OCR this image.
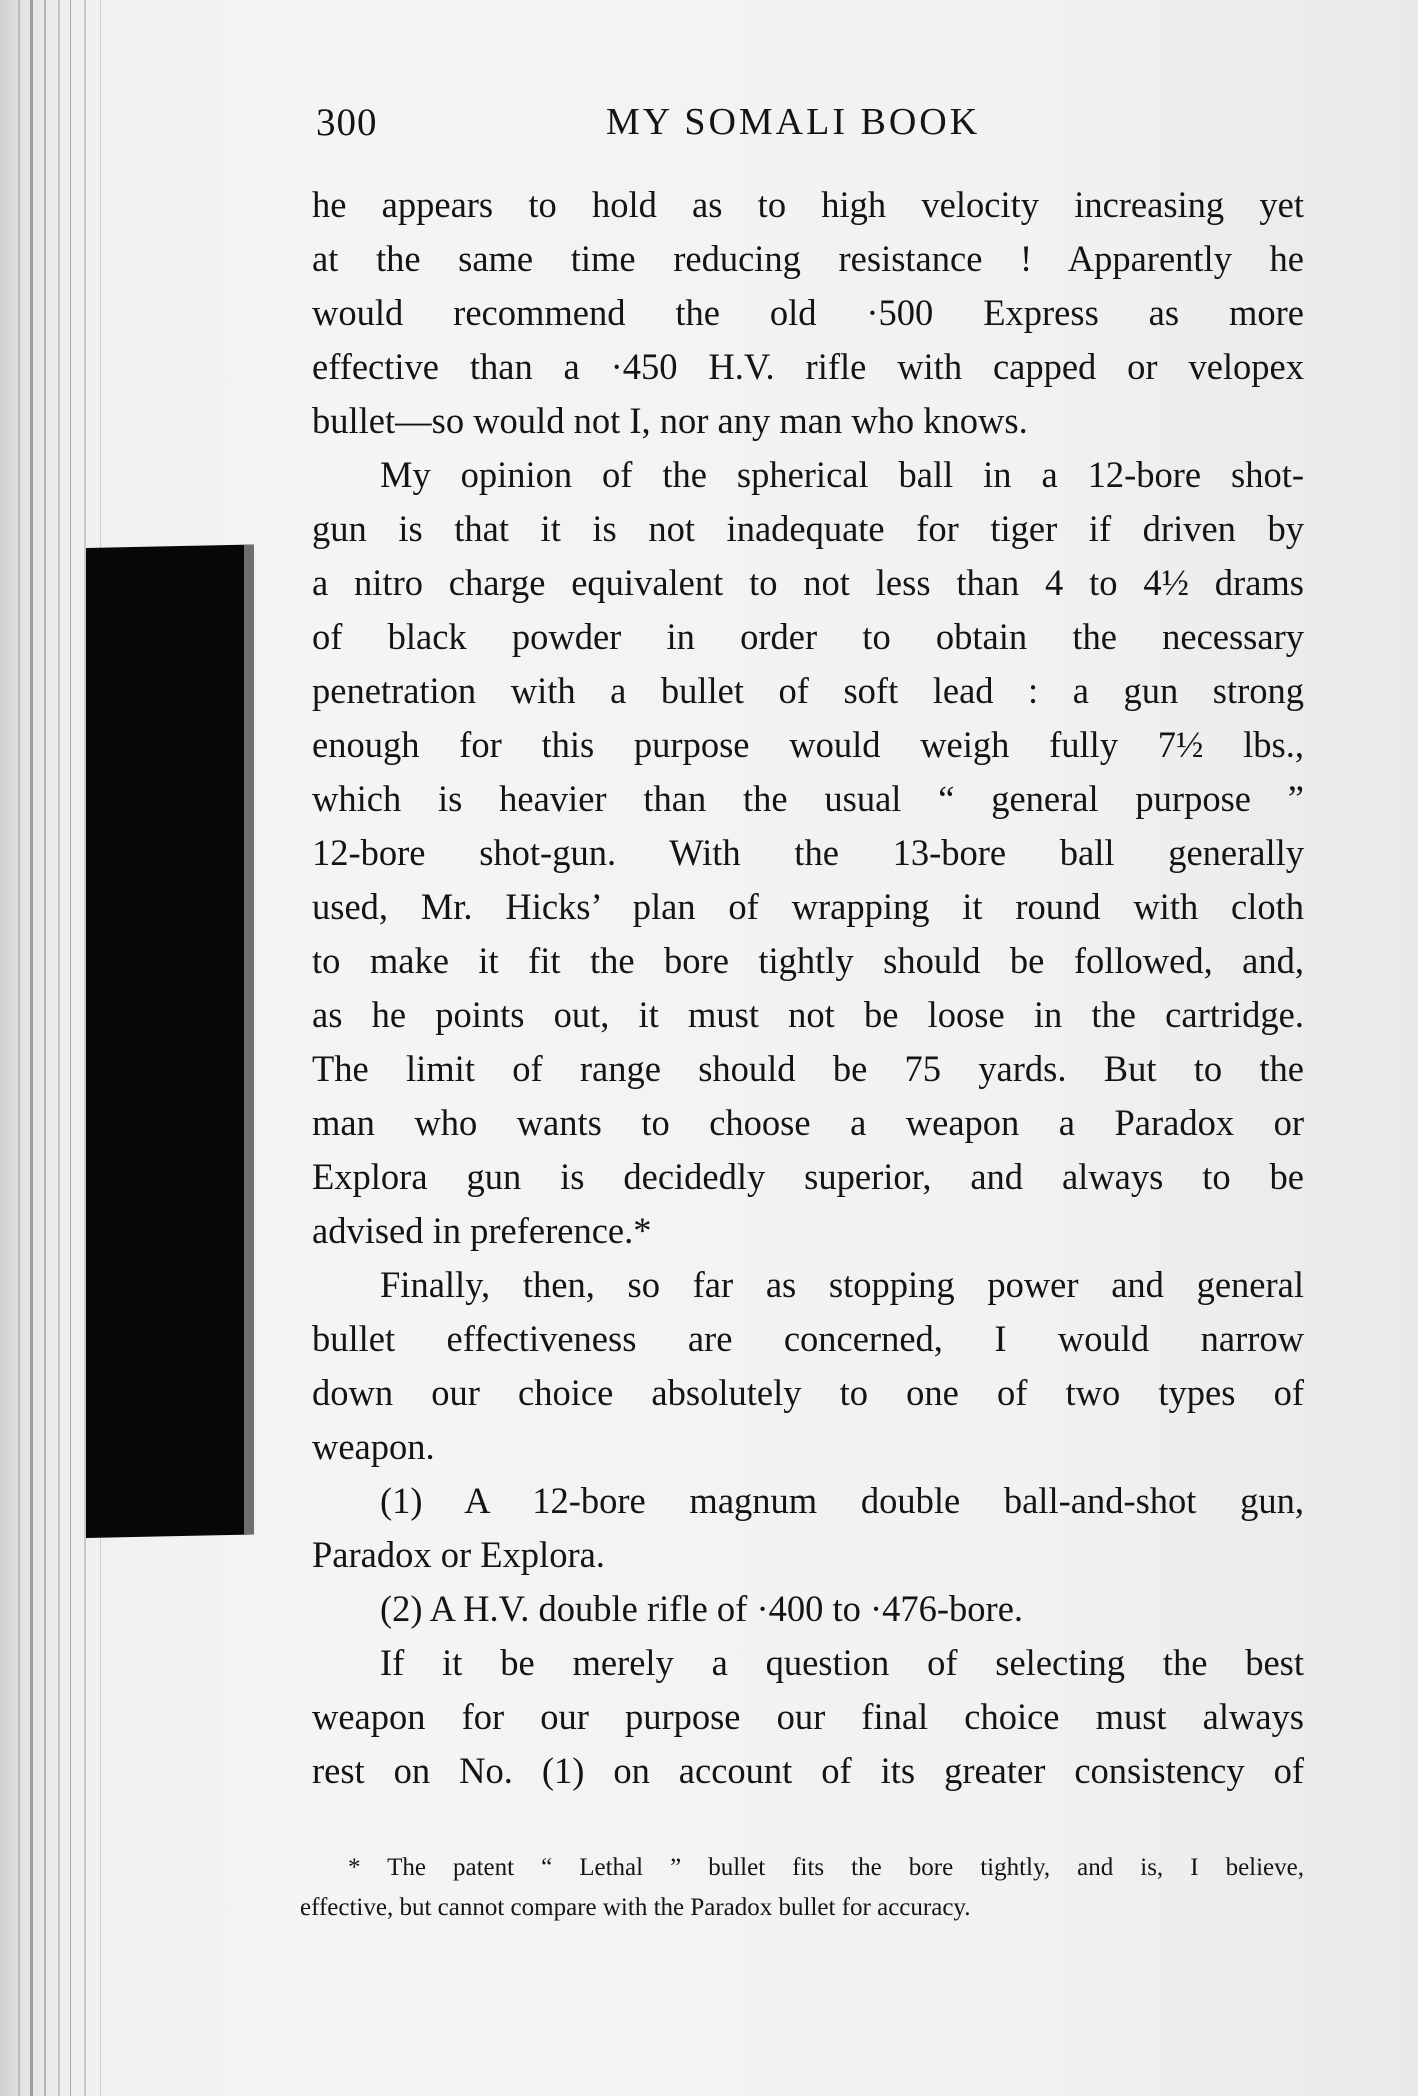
300	MY SOMALI BOOK
he appears to hold as to high velocity increasing yet
at the same time reducing resistance ! Apparently he
would recommend the old ·500 Express as more
effective than a ·450 H.V. rifle with capped or velopex
bullet—so would not I, nor any man who knows.
My opinion of the spherical ball in a 12-bore shot-
gun is that it is not inadequate for tiger if driven by
a nitro charge equivalent to not less than 4 to 4½ drams
of black powder in order to obtain the necessary
penetration with a bullet of soft lead : a gun strong
enough for this purpose would weigh fully 7½ lbs.,
which is heavier than the usual “ general purpose ”
12-bore shot-gun. With the 13-bore ball generally
used, Mr. Hicks’ plan of wrapping it round with cloth
to make it fit the bore tightly should be followed, and,
as he points out, it must not be loose in the cartridge.
The limit of range should be 75 yards. But to the
man who wants to choose a weapon a Paradox or
Explora gun is decidedly superior, and always to be
advised in preference.*
Finally, then, so far as stopping power and general
bullet effectiveness are concerned, I would narrow
down our choice absolutely to one of two types of
weapon.
(1) A 12-bore magnum double ball-and-shot gun,
Paradox or Explora.
(2) A H.V. double rifle of ·400 to ·476-bore.
If it be merely a question of selecting the best
weapon for our purpose our final choice must always
rest on No. (1) on account of its greater consistency of
* The patent “ Lethal ” bullet fits the bore tightly, and is, I believe,
effective, but cannot compare with the Paradox bullet for accuracy.
